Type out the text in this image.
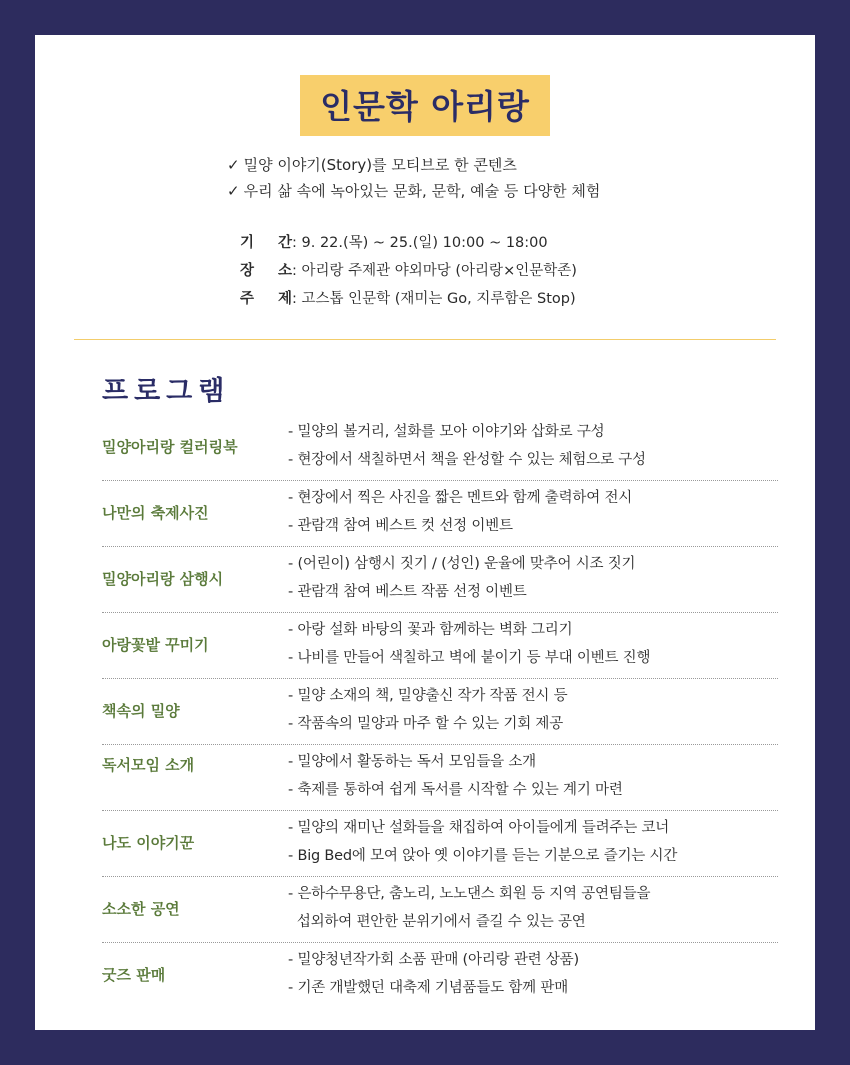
인문학 아리랑
✓ 밀양 이야기(Story)를 모티브로 한 콘텐츠
✓ 우리 삶 속에 녹아있는 문화, 문학, 예술 등 다양한 체험
기 간 : 9. 22.(목) ~ 25.(일) 10:00 ~ 18:00
장 소 : 아리랑 주제관 야외마당 (아리랑×인문학존)
주 제 : 고스톱 인문학 (재미는 Go, 지루함은 Stop)
프로그램
밀양아리랑 컬러링북
- 밀양의 볼거리, 설화를 모아 이야기와 삽화로 구성
- 현장에서 색칠하면서 책을 완성할 수 있는 체험으로 구성
나만의 축제사진
- 현장에서 찍은 사진을 짧은 멘트와 함께 출력하여 전시
- 관람객 참여 베스트 컷 선정 이벤트
밀양아리랑 삼행시
- (어린이) 삼행시 짓기 / (성인) 운율에 맞추어 시조 짓기
- 관람객 참여 베스트 작품 선정 이벤트
아랑꽃밭 꾸미기
- 아랑 설화 바탕의 꽃과 함께하는 벽화 그리기
- 나비를 만들어 색칠하고 벽에 붙이기 등 부대 이벤트 진행
책속의 밀양
- 밀양 소재의 책, 밀양출신 작가 작품 전시 등
- 작품속의 밀양과 마주 할 수 있는 기회 제공
독서모임 소개	- 밀양에서 활동하는 독서 모임들을 소개
- 축제를 통하여 쉽게 독서를 시작할 수 있는 계기 마련
나도 이야기꾼
- 밀양의 재미난 설화들을 채집하여 아이들에게 들려주는 코너
- Big Bed에 모여 앉아 옛 이야기를 듣는 기분으로 즐기는 시간
소소한 공연
- 은하수무용단, 춤노리, 노노댄스 회원 등 지역 공연팀들을
섭외하여 편안한 분위기에서 즐길 수 있는 공연
굿즈 판매
- 밀양청년작가회 소품 판매 (아리랑 관련 상품)
- 기존 개발했던 대축제 기념품들도 함께 판매
